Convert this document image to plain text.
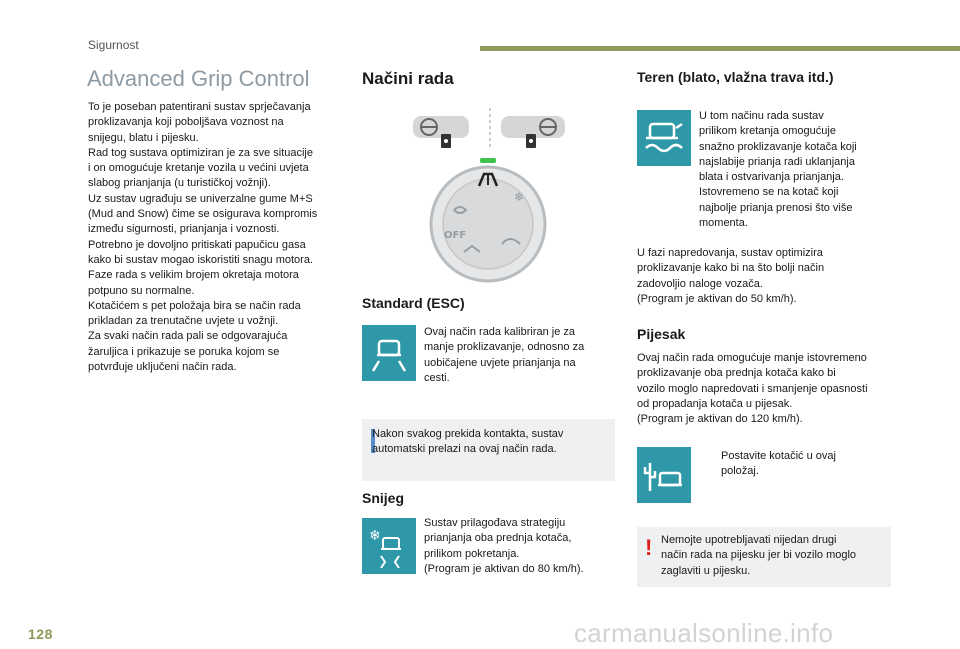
Sigurnost
Advanced Grip Control
To je poseban patentirani sustav sprječavanja
proklizavanja koji poboljšava voznost na
snijegu, blatu i pijesku.
Rad tog sustava optimiziran je za sve situacije
i on omogućuje kretanje vozila u većini uvjeta
slabog prianjanja (u turističkoj vožnji).
Uz sustav ugrađuju se univerzalne gume M+S
(Mud and Snow) čime se osigurava kompromis
između sigurnosti, prianjanja i voznosti.
Potrebno je dovoljno pritiskati papučicu gasa
kako bi sustav mogao iskoristiti snagu motora.
Faze rada s velikim brojem okretaja motora
potpuno su normalne.
Kotačićem s pet položaja bira se način rada
prikladan za trenutačne uvjete u vožnji.
Za svaki način rada pali se odgovarajuća
žaruljica i prikazuje se poruka kojom se
potvrđuje uključeni način rada.
Načini rada
❄
OFF
Standard (ESC)
Ovaj način rada kalibriran je za
manje proklizavanje, odnosno za
uobičajene uvjete prianjanja na
cesti.
Nakon svakog prekida kontakta, sustav
automatski prelazi na ovaj način rada.
Snijeg
❄
Sustav prilagođava strategiju
prianjanja oba prednja kotača,
prilikom pokretanja.
(Program je aktivan do 80 km/h).
Teren (blato, vlažna trava itd.)
U tom načinu rada sustav
prilikom kretanja omogućuje
snažno proklizavanje kotača koji
najslabije prianja radi uklanjanja
blata i ostvarivanja prianjanja.
Istovremeno se na kotač koji
najbolje prianja prenosi što više
momenta.
U fazi napredovanja, sustav optimizira
proklizavanje kako bi na što bolji način
zadovoljio naloge vozača.
(Program je aktivan do 50 km/h).
Pijesak
Ovaj način rada omogućuje manje istovremeno
proklizavanje oba prednja kotača kako bi
vozilo moglo napredovati i smanjenje opasnosti
od propadanja kotača u pijesak.
(Program je aktivan do 120 km/h).
Postavite kotačić u ovaj
položaj.
! Nemojte upotrebljavati nijedan drugi
način rada na pijesku jer bi vozilo moglo
zaglaviti u pijesku.
128	carmanualsonline.info
